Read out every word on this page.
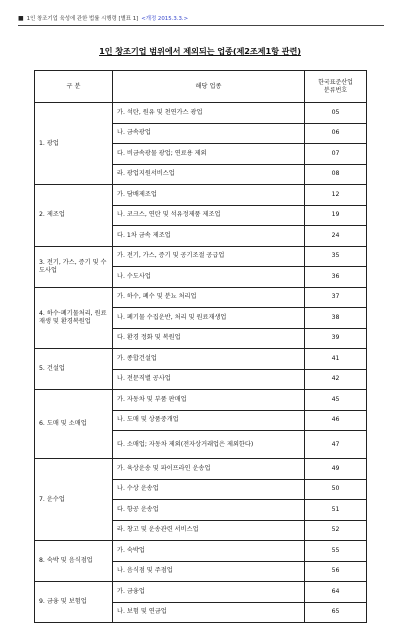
■ 1인 창조기업 육성에 관한 법률 시행령 [별표 1] <개정 2015.3.3.>
1인 창조기업 범위에서 제외되는 업종(제2조제1항 관련)
구 분	해당 업종	한국표준산업
분류번호
1. 광업	가. 석탄, 원유 및 천연가스 광업	05
	나. 금속광업	06
	다. 비금속광물 광업; 연료용 제외	07
	라. 광업지원서비스업	08
2. 제조업	가. 담배제조업	12
	나. 코크스, 연탄 및 석유정제품 제조업	19
	다. 1차 금속 제조업	24
3. 전기, 가스, 증기 및 수도사업	가. 전기, 가스, 증기 및 공기조절 공급업	35
	나. 수도사업	36
4. 하수·폐기물처리, 원료재생 및 환경복원업	가. 하수, 폐수 및 분뇨 처리업	37
	나. 폐기물 수집운반, 처리 및 원료재생업	38
	다. 환경 정화 및 복원업	39
5. 건설업	가. 종합건설업	41
	나. 전문직별 공사업	42
6. 도매 및 소매업	가. 자동차 및 부품 판매업	45
	나. 도매 및 상품중개업	46
	다. 소매업; 자동차 제외(전자상거래업은 제외한다)	47
7. 운수업	가. 육상운송 및 파이프라인 운송업	49
	나. 수상 운송업	50
	다. 항공 운송업	51
	라. 창고 및 운송관련 서비스업	52
8. 숙박 및 음식점업	가. 숙박업	55
	나. 음식점 및 주점업	56
9. 금융 및 보험업	가. 금융업	64
	나. 보험 및 연금업	65
